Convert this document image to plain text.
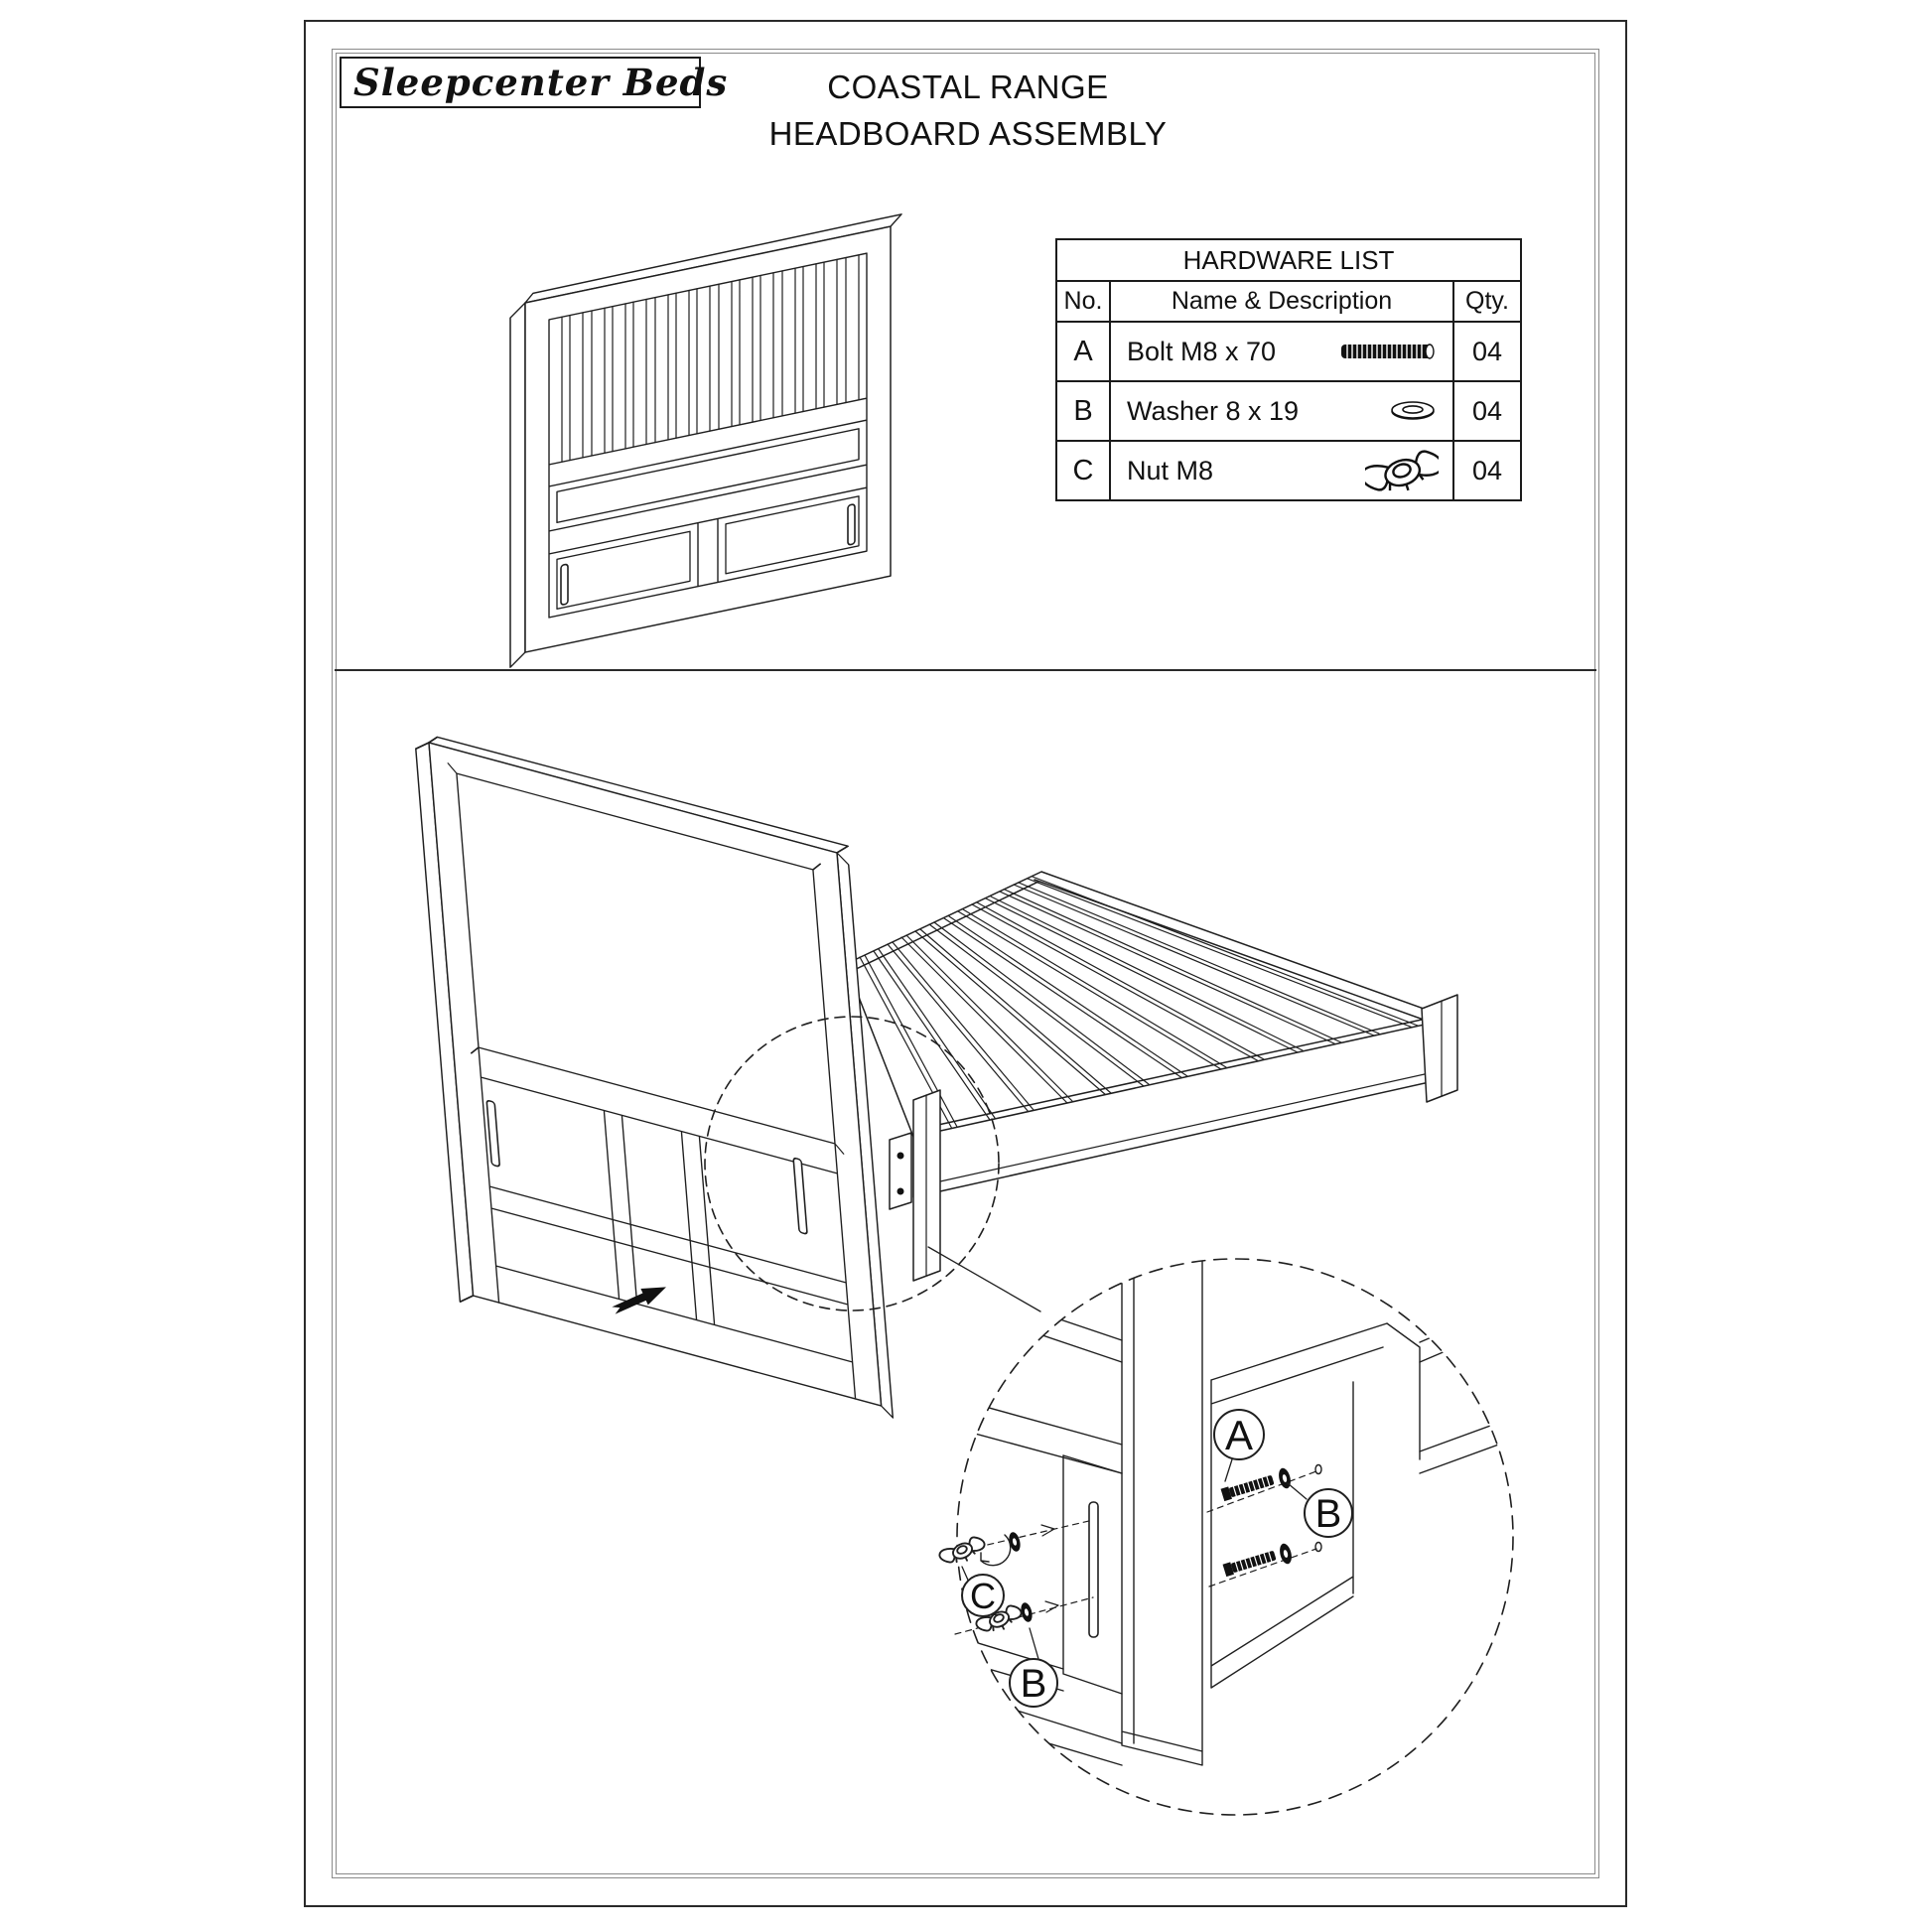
A
B
C
B
Sleepcenter Beds	COASTAL RANGE
HEADBOARD ASSEMBLY
HARDWARE LIST		
No.	Name & Description	Qty.
A	Bolt M8 x 70	04
B	Washer 8 x 19	04
C	Nut M8	04
